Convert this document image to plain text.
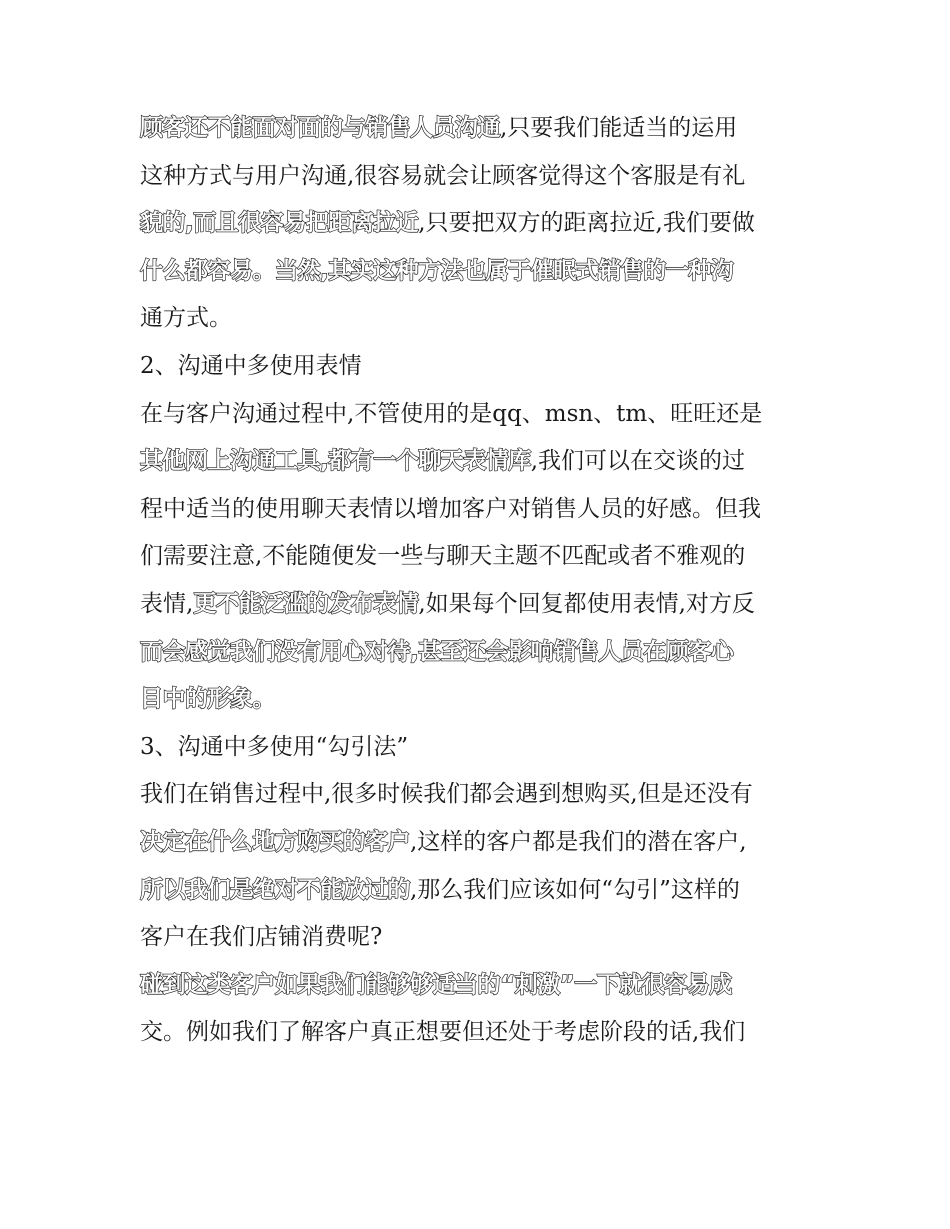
顾客还不能面对面的与销售人员沟通,只要我们能适当的运用
这种方式与用户沟通,很容易就会让顾客觉得这个客服是有礼
貌的,而且很容易把距离拉近,只要把双方的距离拉近,我们要做
什么都容易。当然,其实这种方法也属于催眠式销售的一种沟
通方式。
2、沟通中多使用表情
在与客户沟通过程中,不管使用的是qq、msn、tm、旺旺还是
其他网上沟通工具,都有一个聊天表情库,我们可以在交谈的过
程中适当的使用聊天表情以增加客户对销售人员的好感。但我
们需要注意,不能随便发一些与聊天主题不匹配或者不雅观的
表情,更不能泛滥的发布表情,如果每个回复都使用表情,对方反
而会感觉我们没有用心对待,甚至还会影响销售人员在顾客心
目中的形象。
3、沟通中多使用“勾引法”
我们在销售过程中,很多时候我们都会遇到想购买,但是还没有
决定在什么地方购买的客户,这样的客户都是我们的潜在客户,
所以我们是绝对不能放过的,那么我们应该如何“勾引”这样的
客户在我们店铺消费呢?
碰到这类客户如果我们能够够适当的“刺激”一下就很容易成
交。例如我们了解客户真正想要但还处于考虑阶段的话,我们
